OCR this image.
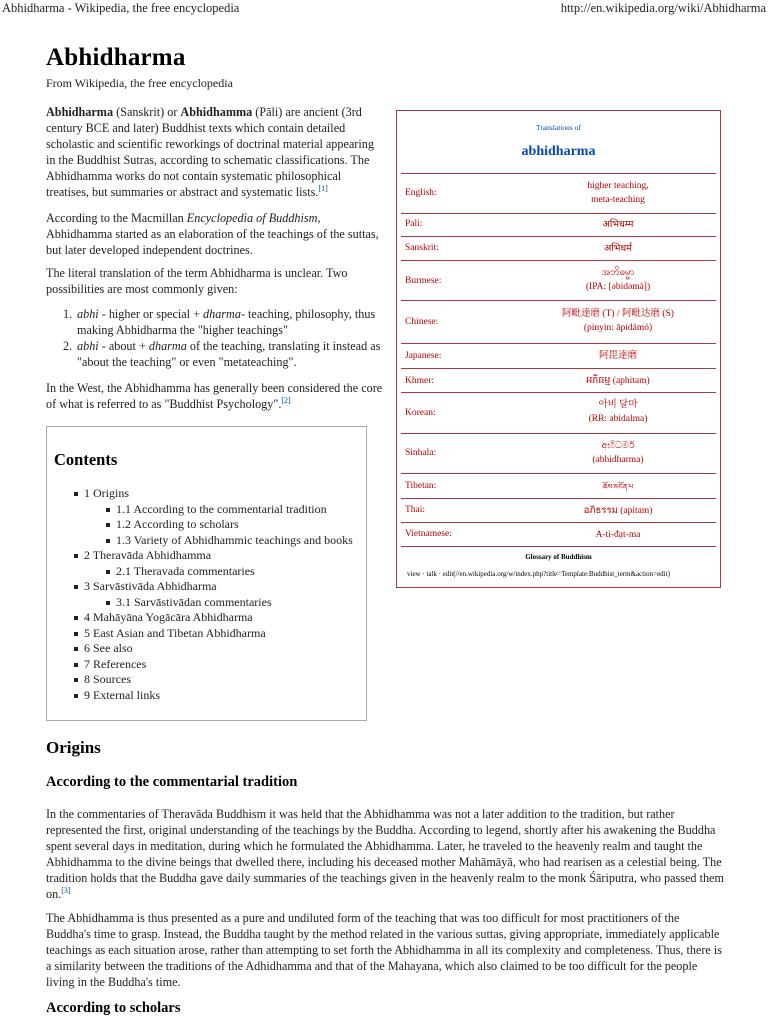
Abhidharma - Wikipedia, the free encyclopedia	http://en.wikipedia.org/wiki/Abhidharma
Abhidharma
From Wikipedia, the free encyclopedia

Abhidharma (Sanskrit) or Abhidhamma (Pāli) are ancient (3rd century BCE and later) Buddhist texts which contain detailed scholastic and scientific reworkings of doctrinal material appearing in the Buddhist Sutras, according to schematic classifications. The Abhidhamma works do not contain systematic philosophical treatises, but summaries or abstract and systematic lists.[1]

According to the Macmillan Encyclopedia of Buddhism, Abhidhamma started as an elaboration of the teachings of the suttas, but later developed independent doctrines.

The literal translation of the term Abhidharma is unclear. Two possibilities are most commonly given:

1. abhi - higher or special + dharma- teaching, philosophy, thus making Abhidharma the "higher teachings"
2. abhi - about + dharma of the teaching, translating it instead as "about the teaching" or even "metateaching".

In the West, the Abhidhamma has generally been considered the core of what is referred to as "Buddhist Psychology".[2]

Translations of
abhidharma
English:
higher teaching,
meta-teaching
Pali:	अभिधम्म
Sanskrit:	अभिधर्म
Burmese:
အဘိဓမ္မာ
(IPA: [əbidəmà])
Chinese:
阿毗達磨 (T) / 阿毗达磨 (S)
(pinyin: āpídámó)
Japanese:	阿毘達磨
Khmer:	អភិធម្ម (aphitam)
Korean:
아비 달마
(RR: abidalma)
Sinhala:
අභිධර්ම
(abhidharma)
Tibetan:	ཆོས་མངོན་པ
Thai:	อภิธรรม (apitam)
Vietnamese:	A-tì-đạt-ma
Glossary of Buddhism
view · talk · edit(//en.wikipedia.org/w/index.php?title=Template:Buddhist_term&action=edit)
Contents
1 Origins
1.1 According to the commentarial tradition
1.2 According to scholars
1.3 Variety of Abhidhammic teachings and books
2 Theravāda Abhidhamma
2.1 Theravada commentaries
3 Sarvāstivāda Abhidharma
3.1 Sarvāstivādan commentaries
4 Mahāyāna Yogācāra Abhidharma
5 East Asian and Tibetan Abhidharma
6 See also
7 References
8 Sources
9 External links
Origins
According to the commentarial tradition

In the commentaries of Theravāda Buddhism it was held that the Abhidhamma was not a later addition to the tradition, but rather represented the first, original understanding of the teachings by the Buddha. According to legend, shortly after his awakening the Buddha spent several days in meditation, during which he formulated the Abhidhamma. Later, he traveled to the heavenly realm and taught the Abhidhamma to the divine beings that dwelled there, including his deceased mother Mahāmāyā, who had rearisen as a celestial being. The tradition holds that the Buddha gave daily summaries of the teachings given in the heavenly realm to the monk Śāriputra, who passed them on.[3]

The Abhidhamma is thus presented as a pure and undiluted form of the teaching that was too difficult for most practitioners of the Buddha's time to grasp. Instead, the Buddha taught by the method related in the various suttas, giving appropriate, immediately applicable teachings as each situation arose, rather than attempting to set forth the Abhidhamma in all its complexity and completeness. Thus, there is a similarity between the traditions of the Adhidhamma and that of the Mahayana, which also claimed to be too difficult for the people living in the Buddha's time.

According to scholars
